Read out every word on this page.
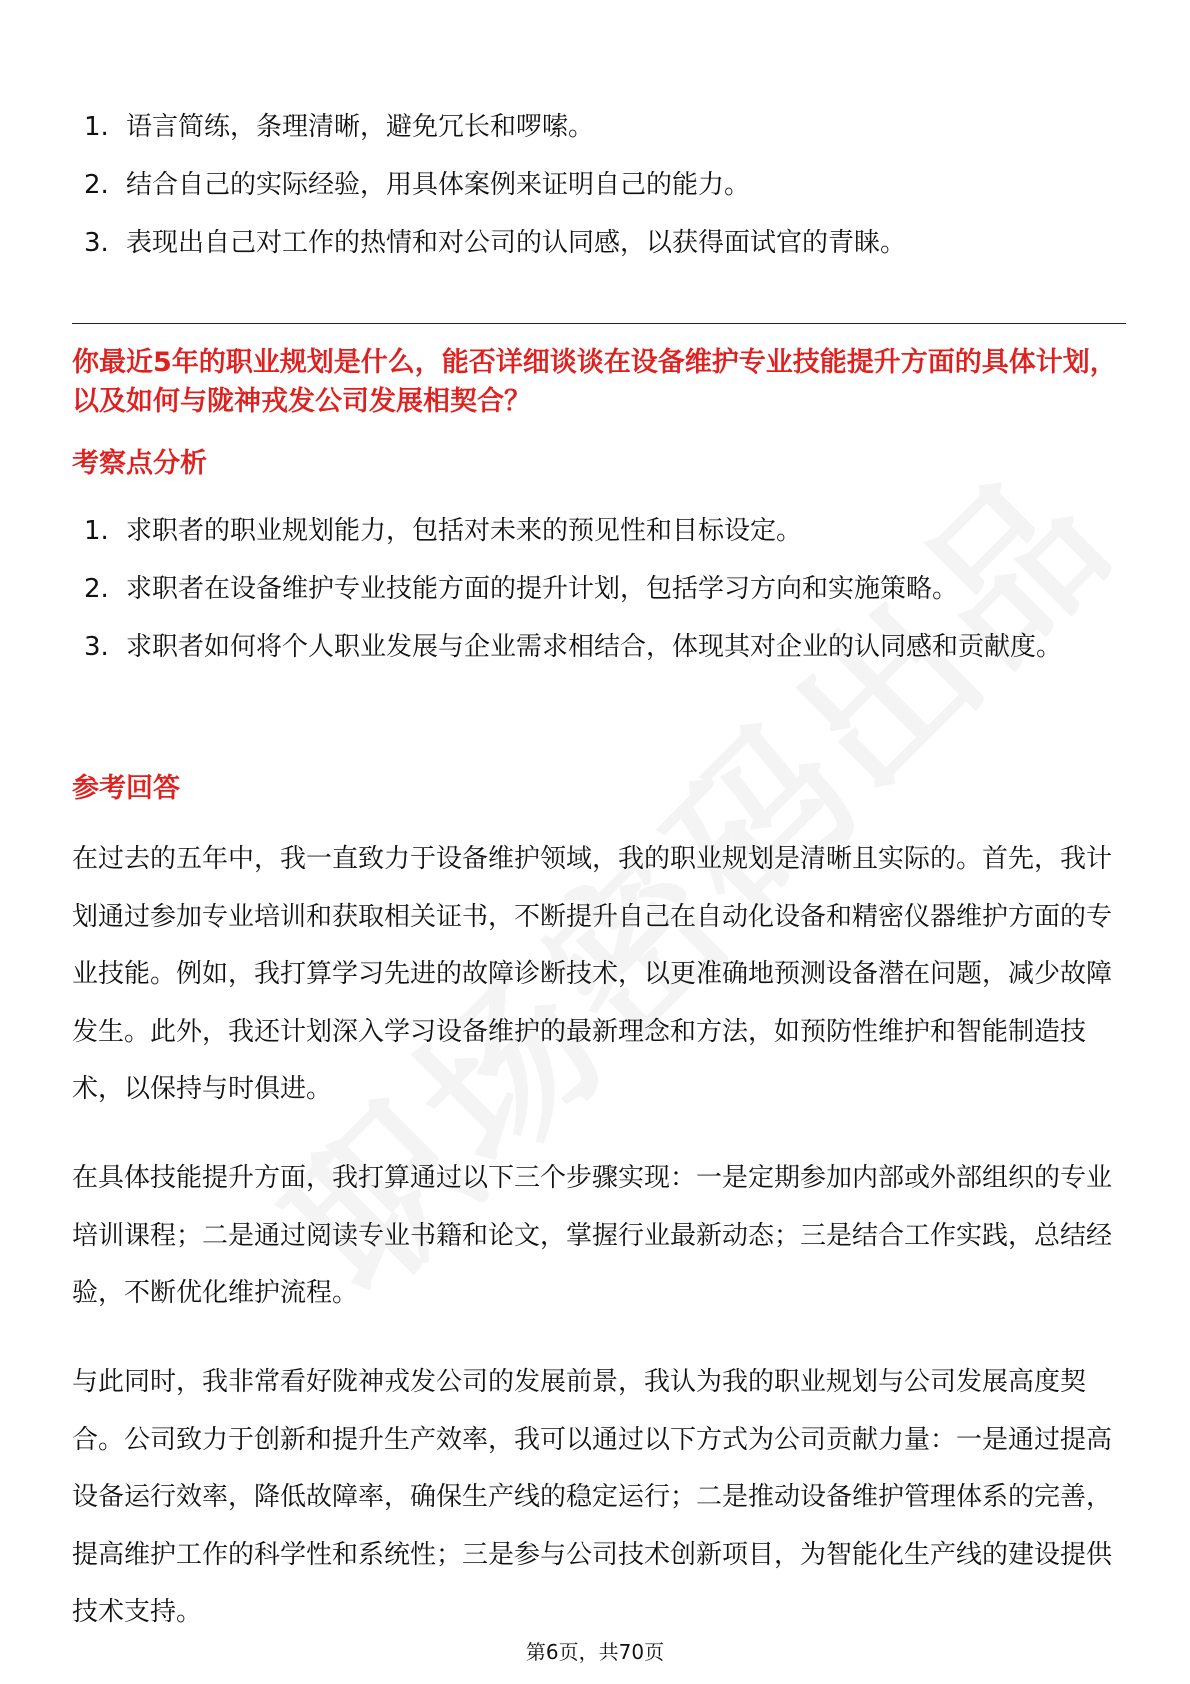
1. 语言简练，条理清晰，避免冗长和啰嗦。
2. 结合自己的实际经验，用具体案例来证明自己的能力。
3. 表现出自己对工作的热情和对公司的认同感，以获得面试官的青睐。
你最近5年的职业规划是什么，能否详细谈谈在设备维护专业技能提升方面的具体计划，以及如何与陇神戎发公司发展相契合？
考察点分析
1. 求职者的职业规划能力，包括对未来的预见性和目标设定。
2. 求职者在设备维护专业技能方面的提升计划，包括学习方向和实施策略。
3. 求职者如何将个人职业发展与企业需求相结合，体现其对企业的认同感和贡献度。
参考回答

在过去的五年中，我一直致力于设备维护领域，我的职业规划是清晰且实际的。首先，我计划通过参加专业培训和获取相关证书，不断提升自己在自动化设备和精密仪器维护方面的专业技能。例如，我打算学习先进的故障诊断技术，以更准确地预测设备潜在问题，减少故障发生。此外，我还计划深入学习设备维护的最新理念和方法，如预防性维护和智能制造技术，以保持与时俱进。

在具体技能提升方面，我打算通过以下三个步骤实现：一是定期参加内部或外部组织的专业培训课程；二是通过阅读专业书籍和论文，掌握行业最新动态；三是结合工作实践，总结经验，不断优化维护流程。

与此同时，我非常看好陇神戎发公司的发展前景，我认为我的职业规划与公司发展高度契合。公司致力于创新和提升生产效率，我可以通过以下方式为公司贡献力量：一是通过提高设备运行效率，降低故障率，确保生产线的稳定运行；二是推动设备维护管理体系的完善，提高维护工作的科学性和系统性；三是参与公司技术创新项目，为智能化生产线的建设提供技术支持。

第6页，共70页
